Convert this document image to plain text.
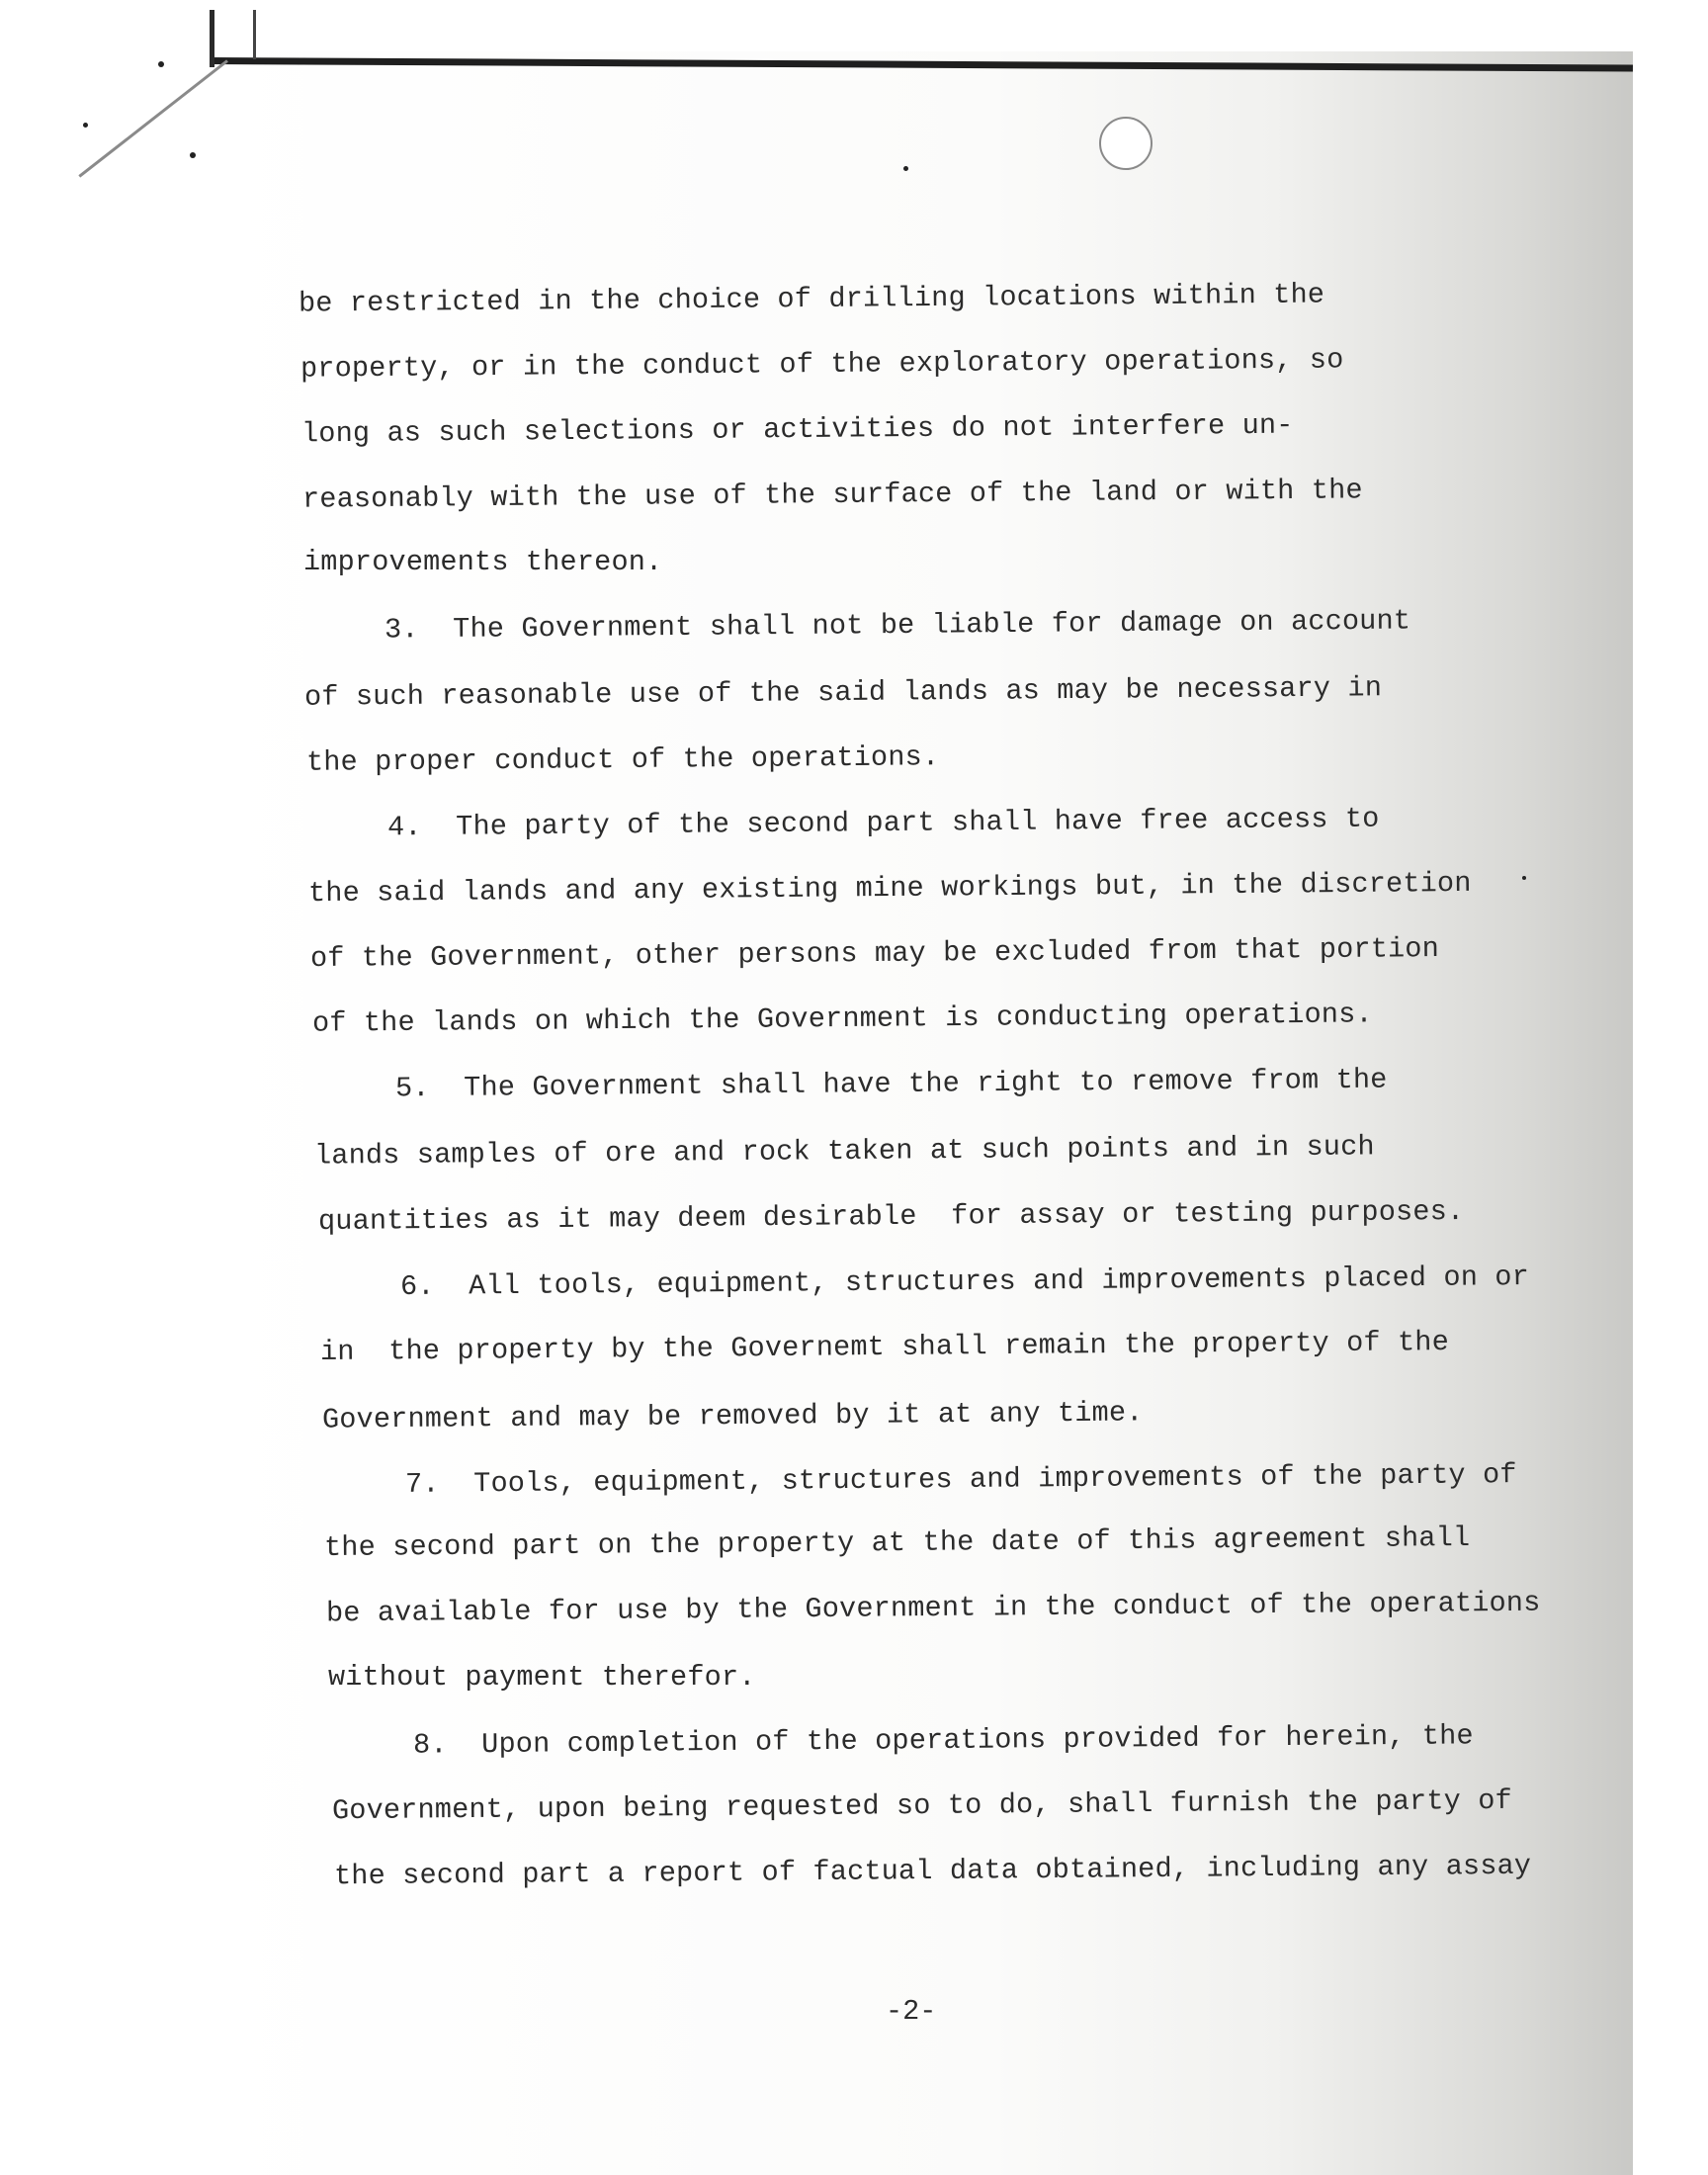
be restricted in the choice of drilling locations within the
property, or in the conduct of the exploratory operations, so
long as such selections or activities do not interfere un-
reasonably with the use of the surface of the land or with the
improvements thereon.
3.  The Government shall not be liable for damage on account
of such reasonable use of the said lands as may be necessary in
the proper conduct of the operations.
4.  The party of the second part shall have free access to
the said lands and any existing mine workings but, in the discretion
of the Government, other persons may be excluded from that portion
of the lands on which the Government is conducting operations.
5.  The Government shall have the right to remove from the
lands samples of ore and rock taken at such points and in such
quantities as it may deem desirable  for assay or testing purposes.
6.  All tools, equipment, structures and improvements placed on or
in  the property by the Governemt shall remain the property of the
Government and may be removed by it at any time.
7.  Tools, equipment, structures and improvements of the party of
the second part on the property at the date of this agreement shall
be available for use by the Government in the conduct of the operations
without payment therefor.
8.  Upon completion of the operations provided for herein, the
Government, upon being requested so to do, shall furnish the party of
the second part a report of factual data obtained, including any assay
-2-
